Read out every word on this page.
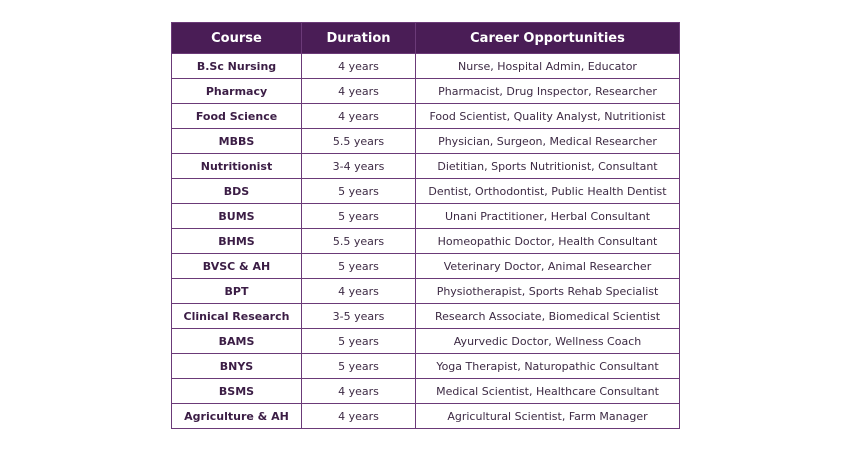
Course	Duration	Career Opportunities
B.Sc Nursing	4 years	Nurse, Hospital Admin, Educator
Pharmacy	4 years	Pharmacist, Drug Inspector, Researcher
Food Science	4 years	Food Scientist, Quality Analyst, Nutritionist
MBBS	5.5 years	Physician, Surgeon, Medical Researcher
Nutritionist	3-4 years	Dietitian, Sports Nutritionist, Consultant
BDS	5 years	Dentist, Orthodontist, Public Health Dentist
BUMS	5 years	Unani Practitioner, Herbal Consultant
BHMS	5.5 years	Homeopathic Doctor, Health Consultant
BVSC & AH	5 years	Veterinary Doctor, Animal Researcher
BPT	4 years	Physiotherapist, Sports Rehab Specialist
Clinical Research	3-5 years	Research Associate, Biomedical Scientist
BAMS	5 years	Ayurvedic Doctor, Wellness Coach
BNYS	5 years	Yoga Therapist, Naturopathic Consultant
BSMS	4 years	Medical Scientist, Healthcare Consultant
Agriculture & AH	4 years	Agricultural Scientist, Farm Manager
